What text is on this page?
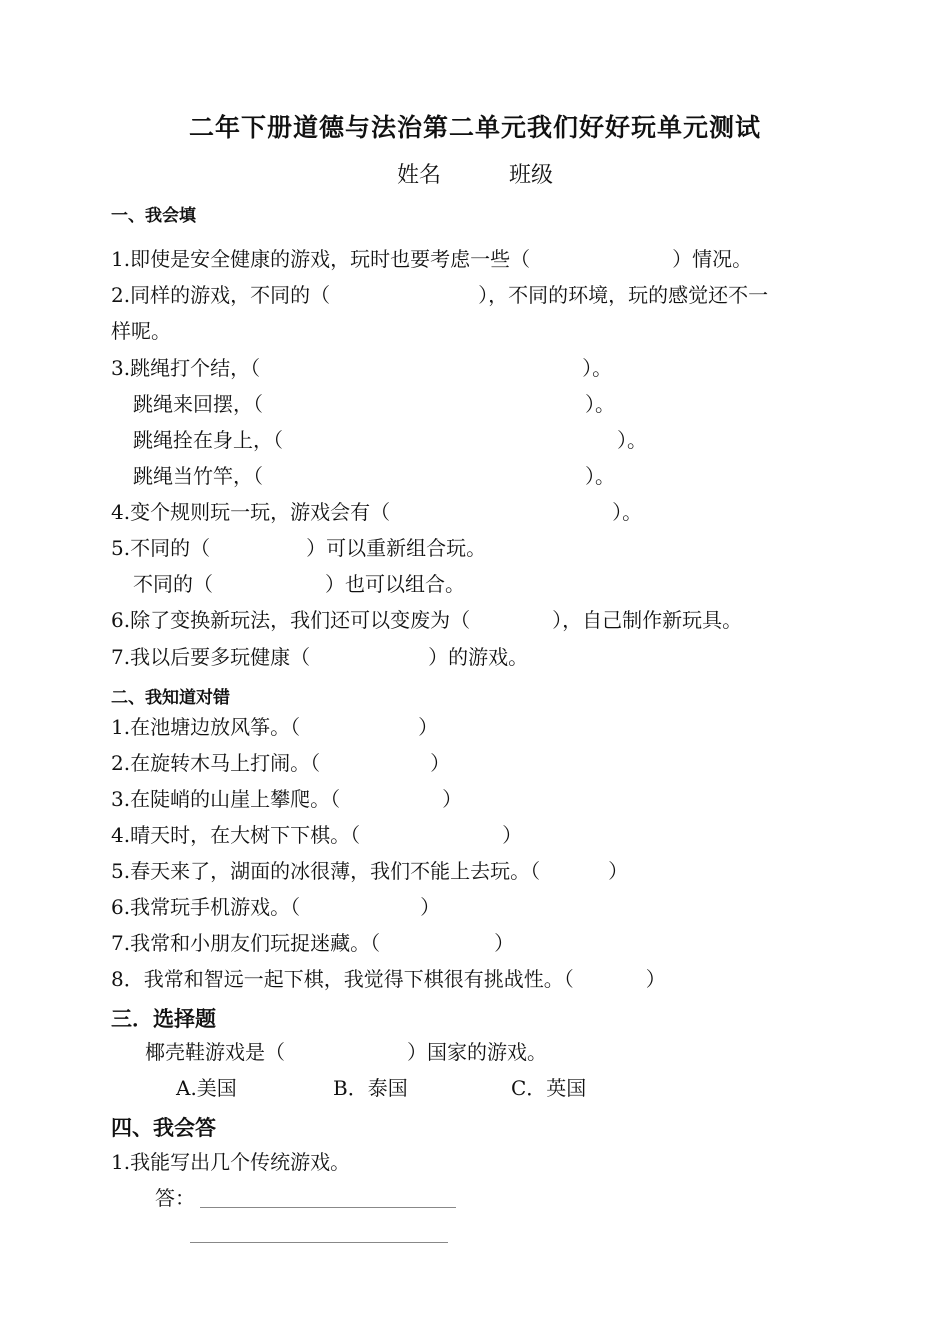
二年下册道德与法治第二单元我们好好玩单元测试
姓名	班级
一、我会填
1.即使是安全健康的游戏，玩时也要考虑一些（	）情况。
2.同样的游戏，不同的（	），不同的环境，玩的感觉还不一
样呢。
3.跳绳打个结，（	）。
跳绳来回摆，（	）。
跳绳拴在身上，（	）。
跳绳当竹竿，（	）。
4.变个规则玩一玩，游戏会有（	）。
5.不同的（	）可以重新组合玩。
不同的（	）也可以组合。
6.除了变换新玩法，我们还可以变废为（	），自己制作新玩具。
7.我以后要多玩健康（	）的游戏。
二、我知道对错
1.在池塘边放风筝。（	）
2.在旋转木马上打闹。（	）
3.在陡峭的山崖上攀爬。（	）
4.晴天时，在大树下下棋。（	）
5.春天来了，湖面的冰很薄，我们不能上去玩。（	）
6.我常玩手机游戏。（	）
7.我常和小朋友们玩捉迷藏。（	）
8．我常和智远一起下棋，我觉得下棋很有挑战性。（	）
三．选择题
椰壳鞋游戏是（	）国家的游戏。
A.美国	B．泰国	C．英国
四、我会答
1.我能写出几个传统游戏。
答：
